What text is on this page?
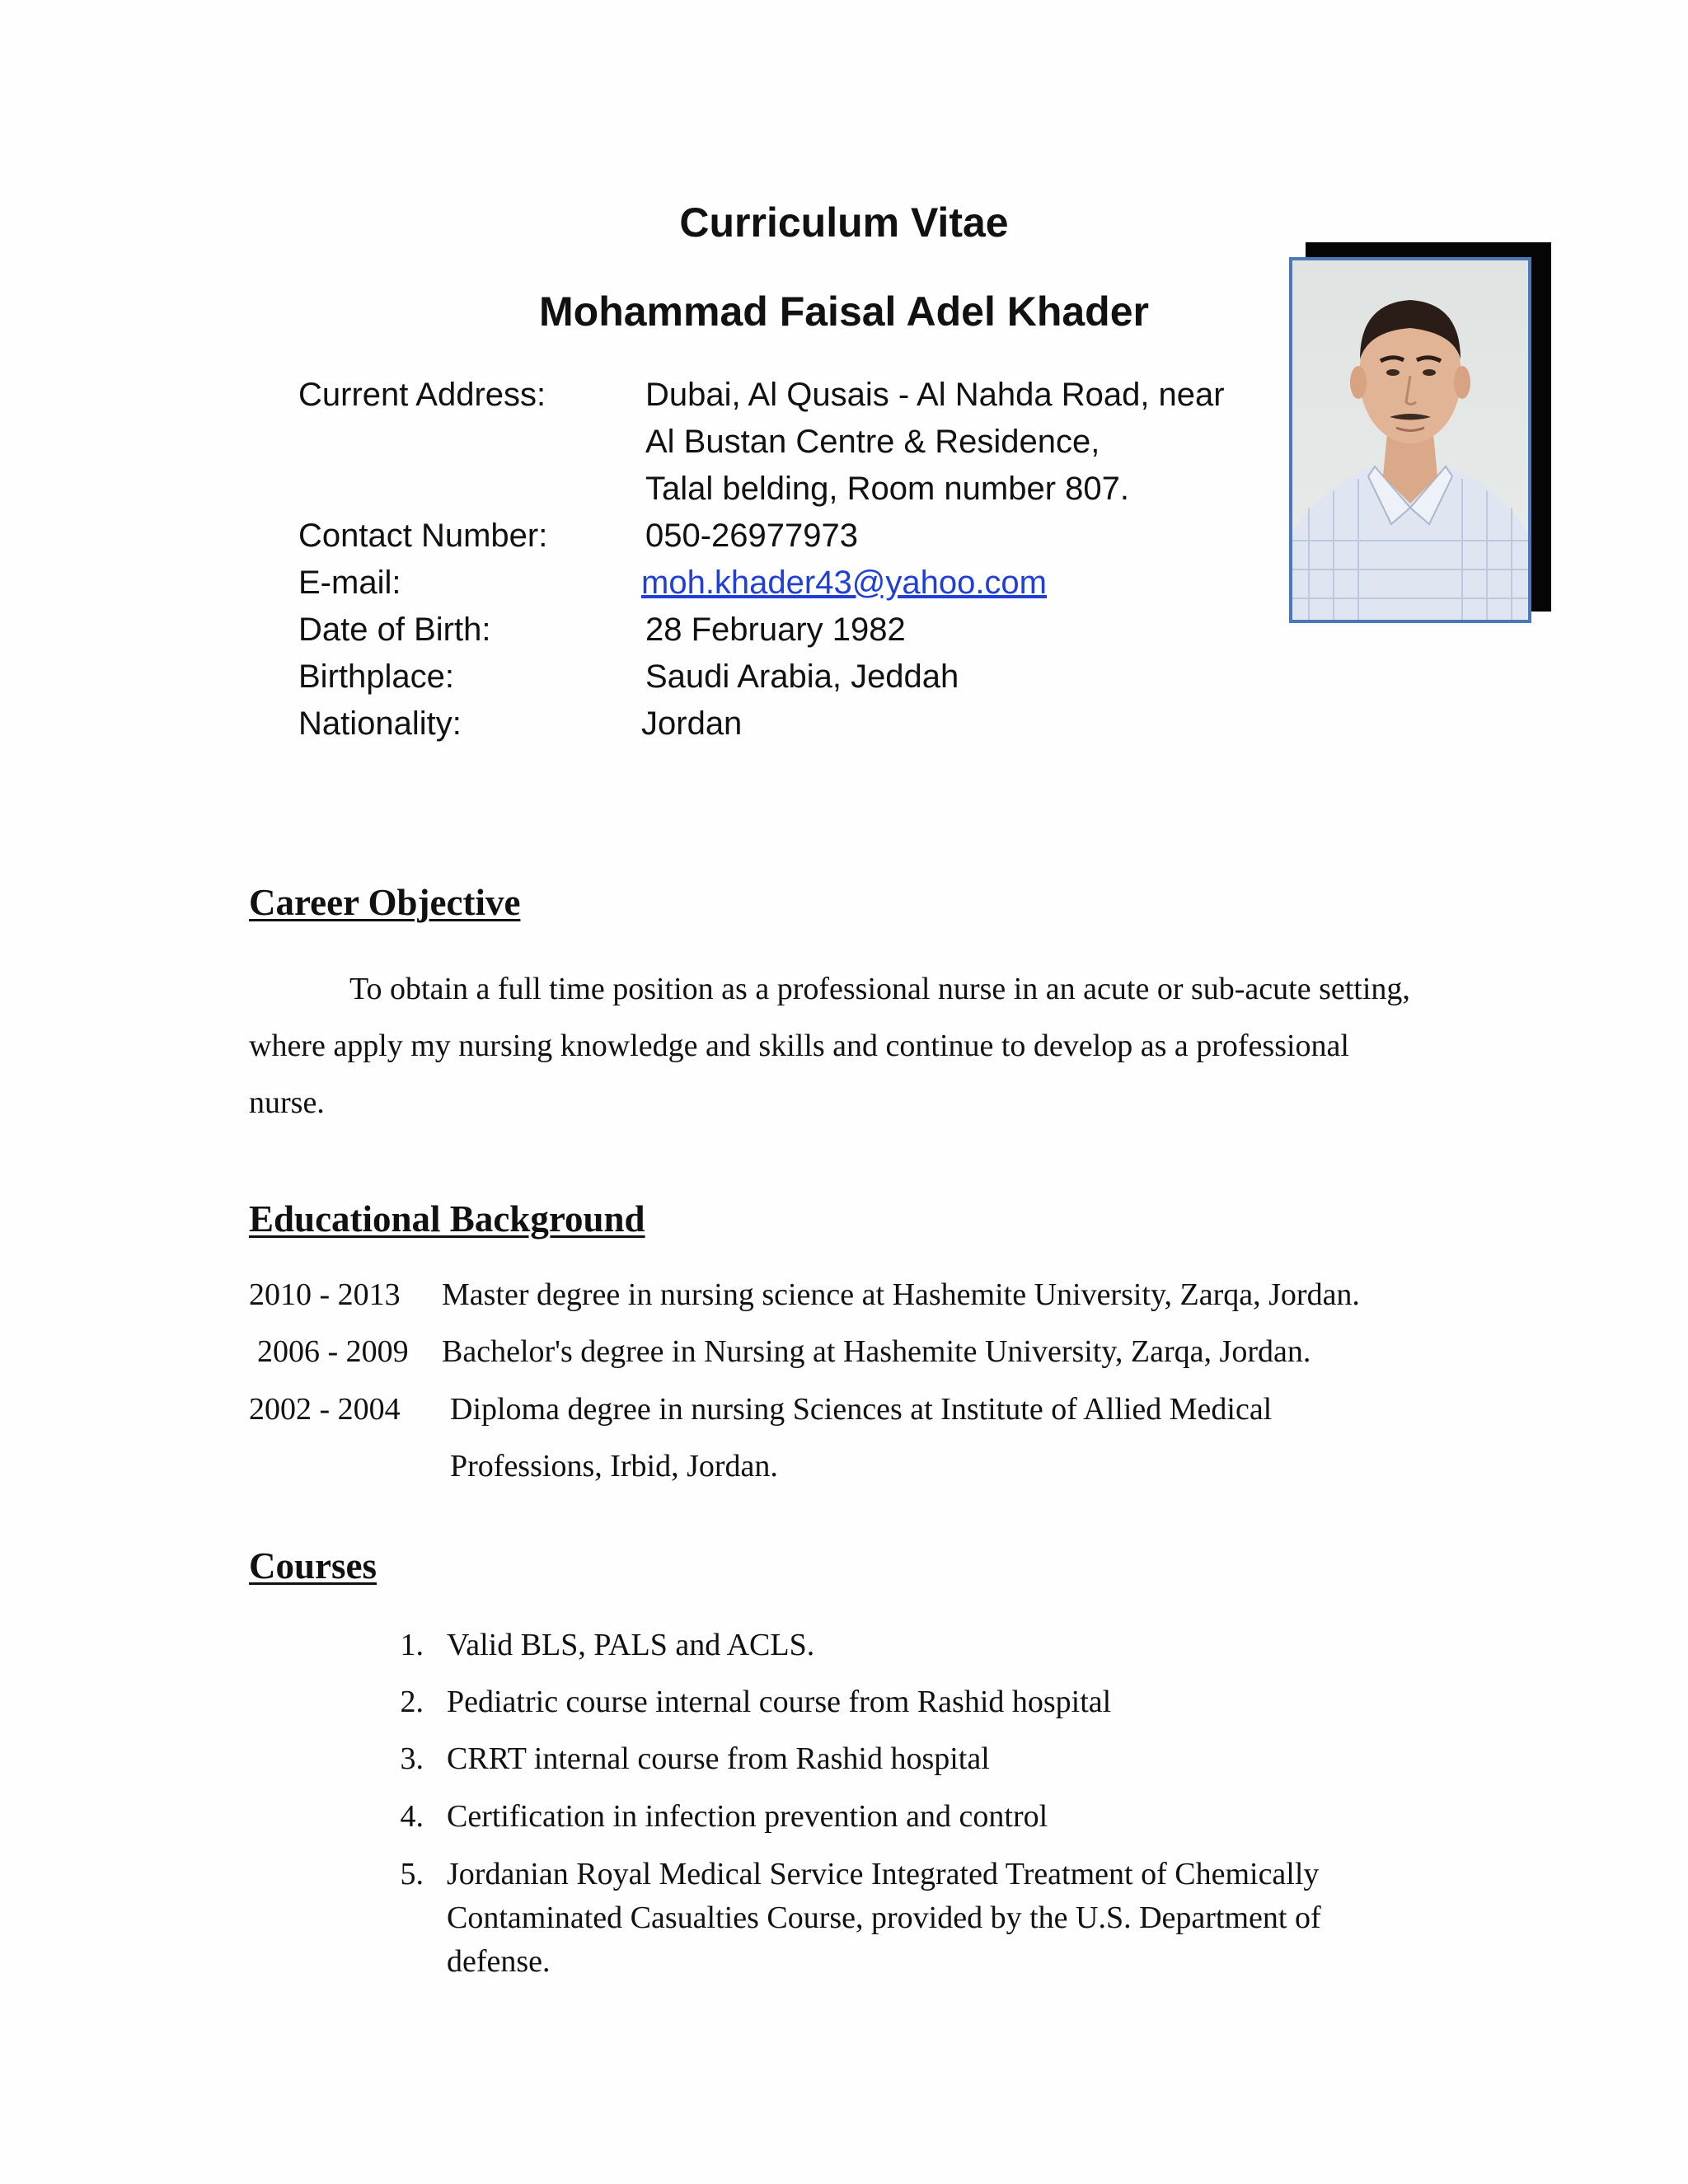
Curriculum Vitae
Mohammad Faisal Adel Khader
Current Address:	Dubai, Al Qusais - Al Nahda Road, near
Al Bustan Centre & Residence,
Talal belding, Room number 807.
Contact Number:	050-26977973
E-mail:	moh.khader43@yahoo.com
Date of Birth:	28 February 1982
Birthplace:	Saudi Arabia, Jeddah
Nationality:	Jordan
Career Objective
To obtain a full time position as a professional nurse in an acute or sub-acute setting, where apply my nursing knowledge and skills and continue to develop as a professional nurse.
Educational Background
2010 - 2013 Master degree in nursing science at Hashemite University, Zarqa, Jordan.
2006 - 2009 Bachelor's degree in Nursing at Hashemite University, Zarqa, Jordan.
2002 - 2004 Diploma degree in nursing Sciences at Institute of Allied Medical Professions, Irbid, Jordan.
Courses
1. Valid BLS, PALS and ACLS.
2. Pediatric course internal course from Rashid hospital
3. CRRT internal course from Rashid hospital
4. Certification in infection prevention and control
5. Jordanian Royal Medical Service Integrated Treatment of Chemically Contaminated Casualties Course, provided by the U.S. Department of defense.
